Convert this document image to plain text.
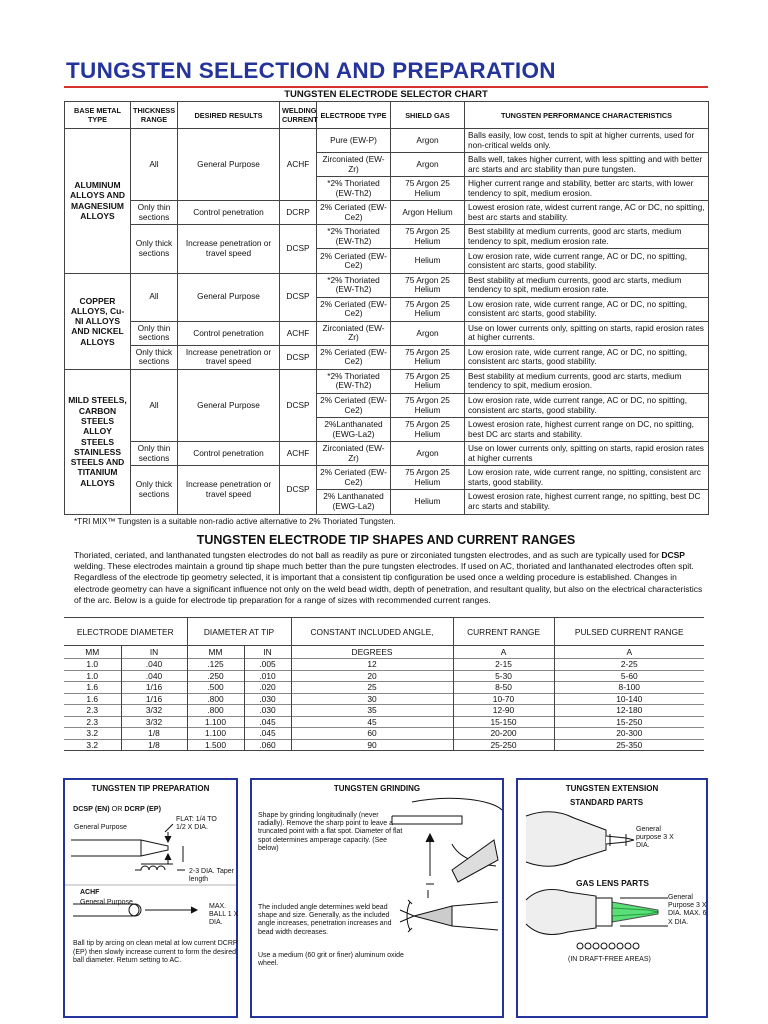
TUNGSTEN SELECTION AND PREPARATION
TUNGSTEN ELECTRODE SELECTOR CHART
BASE METAL TYPE	THICKNESS RANGE	DESIRED RESULTS	WELDING CURRENT	ELECTRODE TYPE	SHIELD GAS	TUNGSTEN PERFORMANCE CHARACTERISTICS
ALUMINUM ALLOYS AND MAGNESIUM ALLOYS	All	General Purpose	ACHF	Pure (EW-P)	Argon	Balls easily, low cost, tends to spit at higher currents, used for non-critical welds only.
				Zirconiated (EW-Zr)	Argon	Balls well, takes higher current, with less spitting and with better arc starts and arc stability than pure tungsten.
				*2% Thoriated (EW-Th2)	75 Argon 25 Helium	Higher current range and stability, better arc starts, with lower tendency to spit, medium erosion.
	Only thin sections	Control penetration	DCRP	2% Ceriated (EW-Ce2)	Argon Helium	Lowest erosion rate, widest current range, AC or DC, no spitting, best arc starts and stability.
	Only thick sections	Increase penetration or travel speed	DCSP	*2% Thoriated (EW-Th2)	75 Argon 25 Helium	Best stability at medium currents, good arc starts, medium tendency to spit, medium erosion rate.
				2% Ceriated (EW-Ce2)	Helium	Low erosion rate, wide current range, AC or DC, no spitting, consistent arc starts, good stability.
COPPER ALLOYS, Cu-NI ALLOYS AND NICKEL ALLOYS	All	General Purpose	DCSP	*2% Thoriated (EW-Th2)	75 Argon 25 Helium	Best stability at medium currents, good arc starts, medium tendency to spit, medium erosion rate.
				2% Ceriated (EW-Ce2)	75 Argon 25 Helium	Low erosion rate, wide current range, AC or DC, no spitting, consistent arc starts, good stability.
	Only thin sections	Control penetration	ACHF	Zirconiated (EW-Zr)	Argon	Use on lower currents only, spitting on starts, rapid erosion rates at higher currents.
	Only thick sections	Increase penetration or travel speed	DCSP	2% Ceriated (EW-Ce2)	75 Argon 25 Helium	Low erosion rate, wide current range, AC or DC, no spitting, consistent arc starts, good stability.
MILD STEELS, CARBON STEELS ALLOY STEELS STAINLESS STEELS AND TITANIUM ALLOYS	All	General Purpose	DCSP	*2% Thoriated (EW-Th2)	75 Argon 25 Helium	Best stability at medium currents, good arc starts, medium tendency to spit, medium erosion.
				2% Ceriated (EW-Ce2)	75 Argon 25 Helium	Low erosion rate, wide current range, AC or DC, no spitting, consistent arc starts, good stability.
				2%Lanthanated (EWG-La2)	75 Argon 25 Helium	Lowest erosion rate, highest current range on DC, no spitting, best DC arc starts and stability.
	Only thin sections	Control penetration	ACHF	Zirconiated (EW-Zr)	Argon	Use on lower currents only, spitting on starts, rapid erosion rates at higher currents
	Only thick sections	Increase penetration or travel speed	DCSP	2% Ceriated (EW-Ce2)	75 Argon 25 Helium	Low erosion rate, wide current range, no spitting, consistent arc starts, good stability.
				2% Lanthanated (EWG-La2)	Helium	Lowest erosion rate, highest current range, no spitting, best DC arc starts and stability.
*TRI MIX™ Tungsten is a suitable non-radio active alternative to 2% Thoriated Tungsten.
TUNGSTEN ELECTRODE TIP SHAPES AND CURRENT RANGES

Thoriated, ceriated, and lanthanated tungsten electrodes do not ball as readily as pure or zirconiated tungsten electrodes, and as such are typically used for DCSP welding. These electrodes maintain a ground tip shape much better than the pure tungsten electrodes. If used on AC, thoriated and lanthanated electrodes often spit. Regardless of the electrode tip geometry selected, it is important that a consistent tip configuration be used once a welding procedure is established. Changes in electrode geometry can have a significant influence not only on the weld bead width, depth of penetration, and resultant quality, but also on the electrical characteristics of the arc. Below is a guide for electrode tip preparation for a range of sizes with recommended current ranges.

ELECTRODE DIAMETER		DIAMETER AT TIP		CONSTANT INCLUDED ANGLE,	CURRENT RANGE	PULSED CURRENT RANGE
MM	IN	MM	IN	DEGREES	A	A
1.0	.040	.125	.005	12	2-15	2-25
1.0	.040	.250	.010	20	5-30	5-60
1.6	1/16	.500	.020	25	8-50	8-100
1.6	1/16	.800	.030	30	10-70	10-140
2.3	3/32	.800	.030	35	12-90	12-180
2.3	3/32	1.100	.045	45	15-150	15-250
3.2	1/8	1.100	.045	60	20-200	20-300
3.2	1/8	1.500	.060	90	25-250	25-350
TUNGSTEN TIP PREPARATION
DCSP (EN) OR DCRP (EP)
General Purpose
FLAT: 1/4 TO 1/2 X DIA.
2-3 DIA. Taper length
ACHF
General Purpose
MAX. BALL 1 X DIA.
Ball tip by arcing on clean metal at low current DCRP (EP) then slowly increase current to form the desired ball diameter. Return setting to AC.
TUNGSTEN GRINDING
Shape by grinding longitudinally (never radially). Remove the sharp point to leave a truncated point with a flat spot. Diameter of flat spot determines amperage capacity. (See below)
The included angle determines weld bead shape and size. Generally, as the included angle increases, penetration increases and bead width decreases.
Use a medium (60 grit or finer) aluminum oxide wheel.
TUNGSTEN EXTENSION
STANDARD PARTS
General purpose 3 X DIA.
GAS LENS PARTS
General Purpose 3 X DIA. MAX. 6 X DIA.
(IN DRAFT-FREE AREAS)
